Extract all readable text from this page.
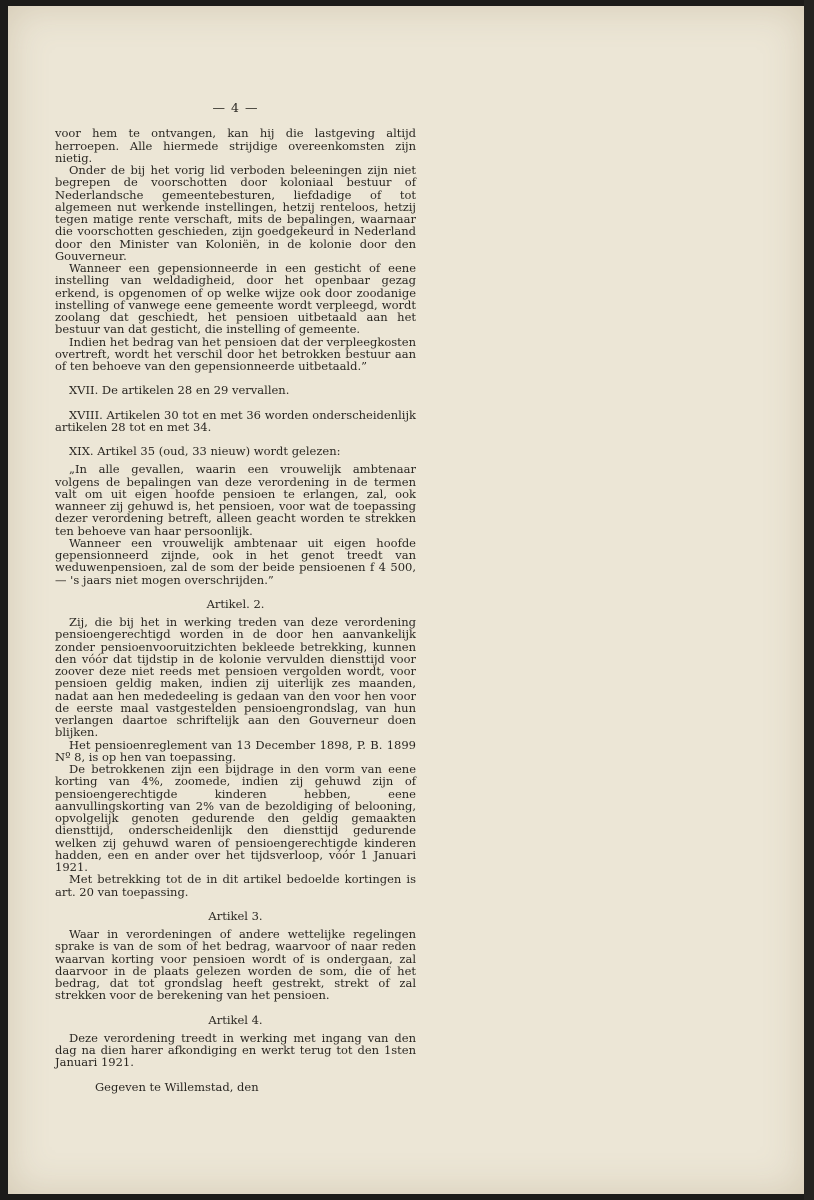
— 4 —

voor hem te ontvangen, kan hij die lastgeving altijd herroepen. Alle hiermede strijdige overeenkomsten zijn nietig.

Onder de bij het vorig lid verboden beleeningen zijn niet begrepen de voorschotten door koloniaal bestuur of Nederlandsche gemeentebesturen, liefdadige of tot algemeen nut werkende instellingen, hetzij renteloos, hetzij tegen matige rente verschaft, mits de bepalingen, waarnaar die voorschotten geschieden, zijn goedgekeurd in Nederland door den Minister van Koloniën, in de kolonie door den Gouverneur.

Wanneer een gepensionneerde in een gesticht of eene instelling van weldadigheid, door het openbaar gezag erkend, is opgenomen of op welke wijze ook door zoodanige instelling of vanwege eene gemeente wordt verpleegd, wordt zoolang dat geschiedt, het pensioen uitbetaald aan het bestuur van dat gesticht, die instelling of gemeente.

Indien het bedrag van het pensioen dat der verpleegkosten overtreft, wordt het verschil door het betrokken bestuur aan of ten behoeve van den gepensionneerde uitbetaald.”

XVII. De artikelen 28 en 29 vervallen.

XVIII. Artikelen 30 tot en met 36 worden onderscheidenlijk artikelen 28 tot en met 34.

XIX. Artikel 35 (oud, 33 nieuw) wordt gelezen:

„In alle gevallen, waarin een vrouwelijk ambtenaar volgens de bepalingen van deze verordening in de termen valt om uit eigen hoofde pensioen te erlangen, zal, ook wanneer zij gehuwd is, het pensioen, voor wat de toepassing dezer verordening betreft, alleen geacht worden te strekken ten behoeve van haar persoonlijk.

Wanneer een vrouwelijk ambtenaar uit eigen hoofde gepensionneerd zijnde, ook in het genot treedt van weduwenpensioen, zal de som der beide pensioenen f 4 500,— 's jaars niet mogen overschrijden.”

Artikel. 2.

Zij, die bij het in werking treden van deze verordening pensioengerechtigd worden in de door hen aanvankelijk zonder pensioenvooruitzichten bekleede betrekking, kunnen den vóór dat tijdstip in de kolonie vervulden diensttijd voor zoover deze niet reeds met pensioen vergolden wordt, voor pensioen geldig maken, indien zij uiterlijk zes maanden, nadat aan hen mededeeling is gedaan van den voor hen voor de eerste maal vastgestelden pensioengrondslag, van hun verlangen daartoe schriftelijk aan den Gouverneur doen blijken.

Het pensioenreglement van 13 December 1898, P. B. 1899 Nº 8, is op hen van toepassing.

De betrokkenen zijn een bijdrage in den vorm van eene korting van 4%, zoomede, indien zij gehuwd zijn of pensioengerechtigde kinderen hebben, eene aanvullingskorting van 2% van de bezoldiging of belooning, opvolgelijk genoten gedurende den geldig gemaakten diensttijd, onderscheidenlijk den diensttijd gedurende welken zij gehuwd waren of pensioengerechtigde kinderen hadden, een en ander over het tijdsverloop, vóór 1 Januari 1921.

Met betrekking tot de in dit artikel bedoelde kortingen is art. 20 van toepassing.

Artikel 3.

Waar in verordeningen of andere wettelijke regelingen sprake is van de som of het bedrag, waarvoor of naar reden waarvan korting voor pensioen wordt of is ondergaan, zal daarvoor in de plaats gelezen worden de som, die of het bedrag, dat tot grondslag heeft gestrekt, strekt of zal strekken voor de berekening van het pensioen.

Artikel 4.

Deze verordening treedt in werking met ingang van den dag na dien harer afkondiging en werkt terug tot den 1sten Januari 1921.

Gegeven te Willemstad, den
